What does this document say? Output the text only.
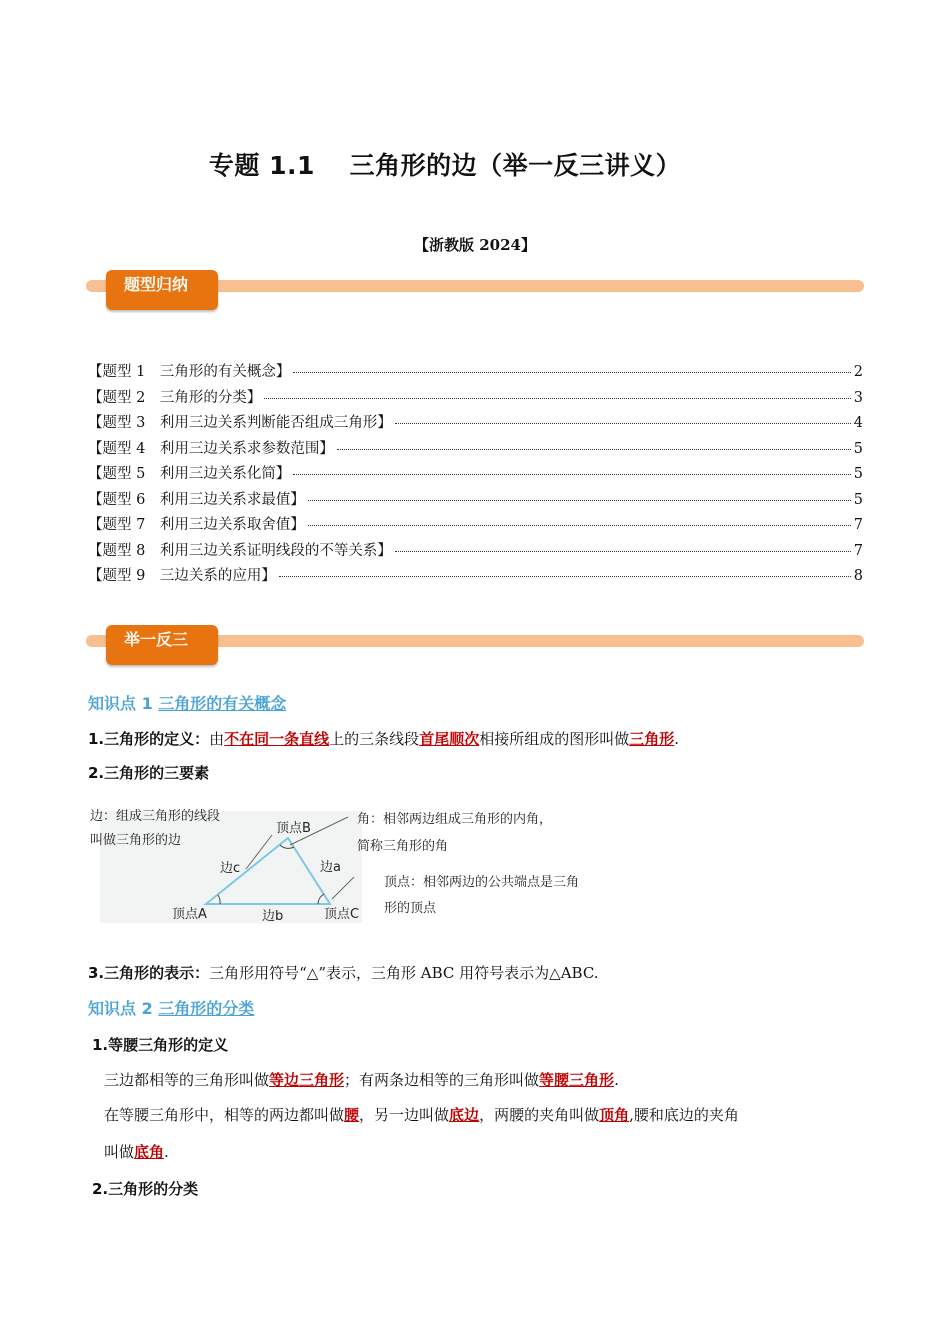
专题 1.1　 三角形的边（举一反三讲义）
【浙教版 2024】
题型归纳
【题型 1　三角形的有关概念】	2
【题型 2　三角形的分类】	3
【题型 3　利用三边关系判断能否组成三角形】	4
【题型 4　利用三边关系求参数范围】	5
【题型 5　利用三边关系化简】	5
【题型 6　利用三边关系求最值】	5
【题型 7　利用三边关系取舍值】	7
【题型 8　利用三边关系证明线段的不等关系】	7
【题型 9　三边关系的应用】	8
举一反三
知识点 1 三角形的有关概念
1.三角形的定义：由不在同一条直线上的三条线段首尾顺次相接所组成的图形叫做三角形.
2.三角形的三要素
边：组成三角形的线段
叫做三角形的边
角：相邻两边组成三角形的内角，
简称三角形的角
顶点：相邻两边的公共端点是三角
形的顶点
顶点B
顶点A	顶点C
边c	边a
边b
3.三角形的表示：三角形用符号“△”表示，三角形 ABC 用符号表示为△ABC.
知识点 2 三角形的分类
1.等腰三角形的定义
三边都相等的三角形叫做等边三角形；有两条边相等的三角形叫做等腰三角形.
在等腰三角形中，相等的两边都叫做腰，另一边叫做底边，两腰的夹角叫做顶角,腰和底边的夹角
叫做底角.
2.三角形的分类
